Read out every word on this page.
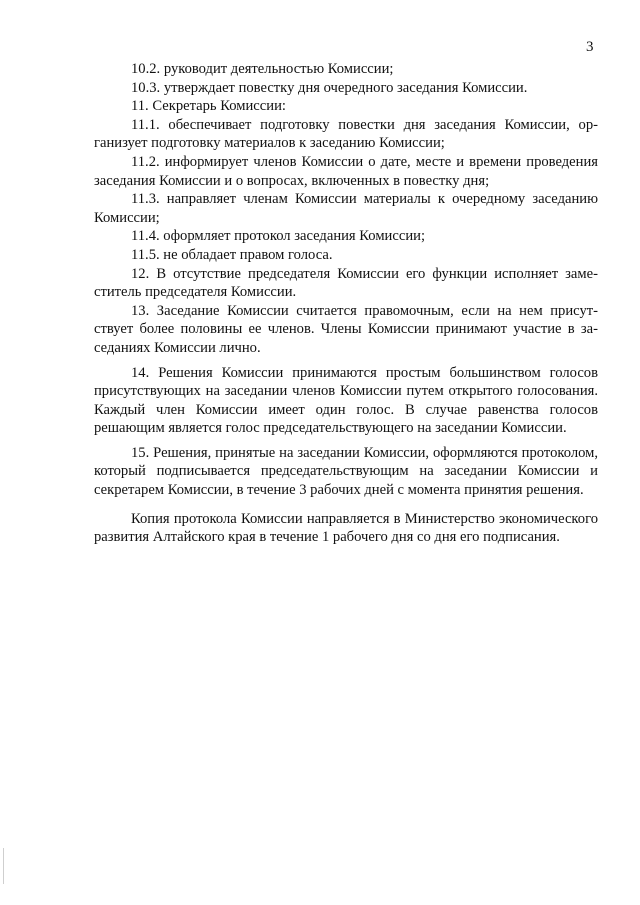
3

10.2. руководит деятельностью Комиссии;

10.3. утверждает повестку дня очередного заседания Комиссии.

11. Секретарь Комиссии:

11.1. обеспечивает подготовку повестки дня заседания Комиссии, организует подготовку материалов к заседанию Комиссии;

11.2. информирует членов Комиссии о дате, месте и времени проведения заседания Комиссии и о вопросах, включенных в повестку дня;

11.3. направляет членам Комиссии материалы к очередному заседанию Комиссии;

11.4. оформляет протокол заседания Комиссии;

11.5. не обладает правом голоса.

12. В отсутствие председателя Комиссии его функции исполняет заместитель председателя Комиссии.

13. Заседание Комиссии считается правомочным, если на нем присутствует более половины ее членов. Члены Комиссии принимают участие в заседаниях Комиссии лично.

14. Решения Комиссии принимаются простым большинством голосов присутствующих на заседании членов Комиссии путем открытого голосования. Каждый член Комиссии имеет один голос. В случае равенства голосов решающим является голос председательствующего на заседании Комиссии.

15. Решения, принятые на заседании Комиссии, оформляются протоколом, который подписывается председательствующим на заседании Комиссии и секретарем Комиссии, в течение 3 рабочих дней с момента принятия решения.

Копия протокола Комиссии направляется в Министерство экономического развития Алтайского края в течение 1 рабочего дня со дня его подписания.
